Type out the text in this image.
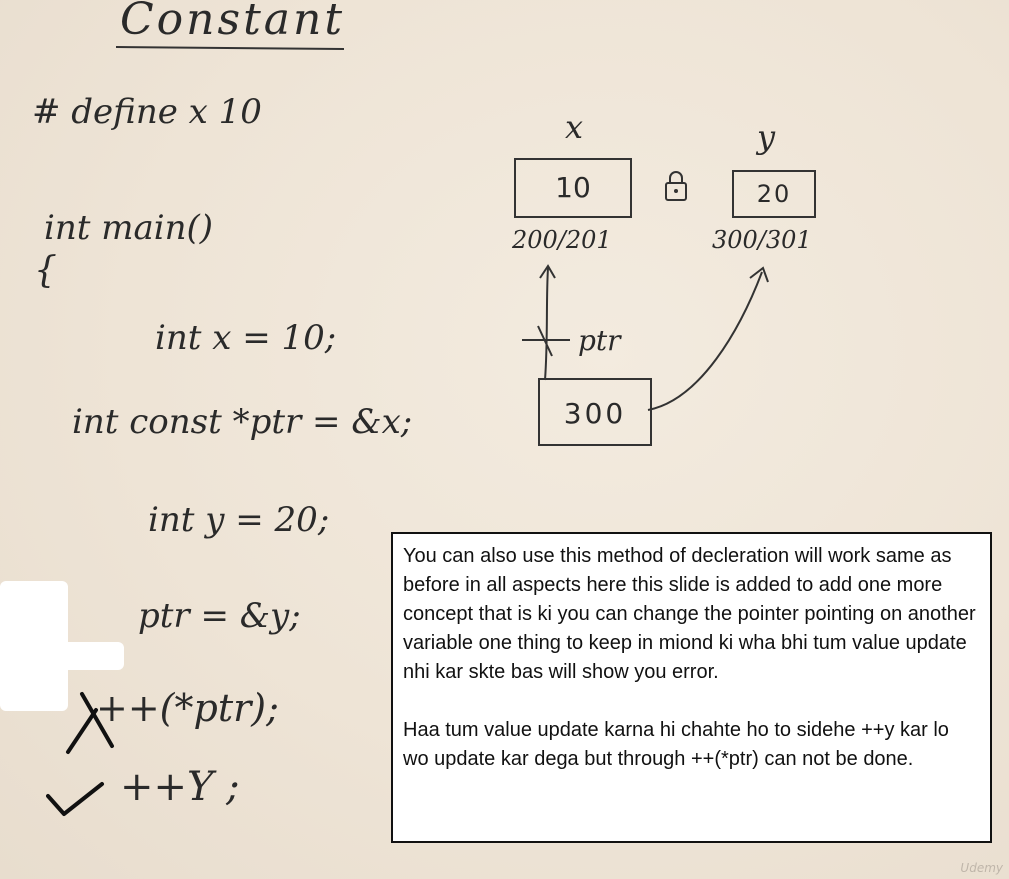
Constant
# define x 10
int main()
{
int x = 10;
int const *ptr = &x;
int y = 20;
ptr = &y;
++(*ptr);
++Y ;
x	y
10	20
200/201	300/301
ptr
300

You can also use this method of decleration will work same as before in all aspects here this slide is added to add one more concept that is ki you can change the pointer pointing on another variable one thing to keep in miond ki wha bhi tum value update nhi kar skte bas will show you error.

Haa tum value update karna hi chahte ho to sidehe ++y kar lo wo update kar dega but through ++(*ptr) can not be done.

Udemy
